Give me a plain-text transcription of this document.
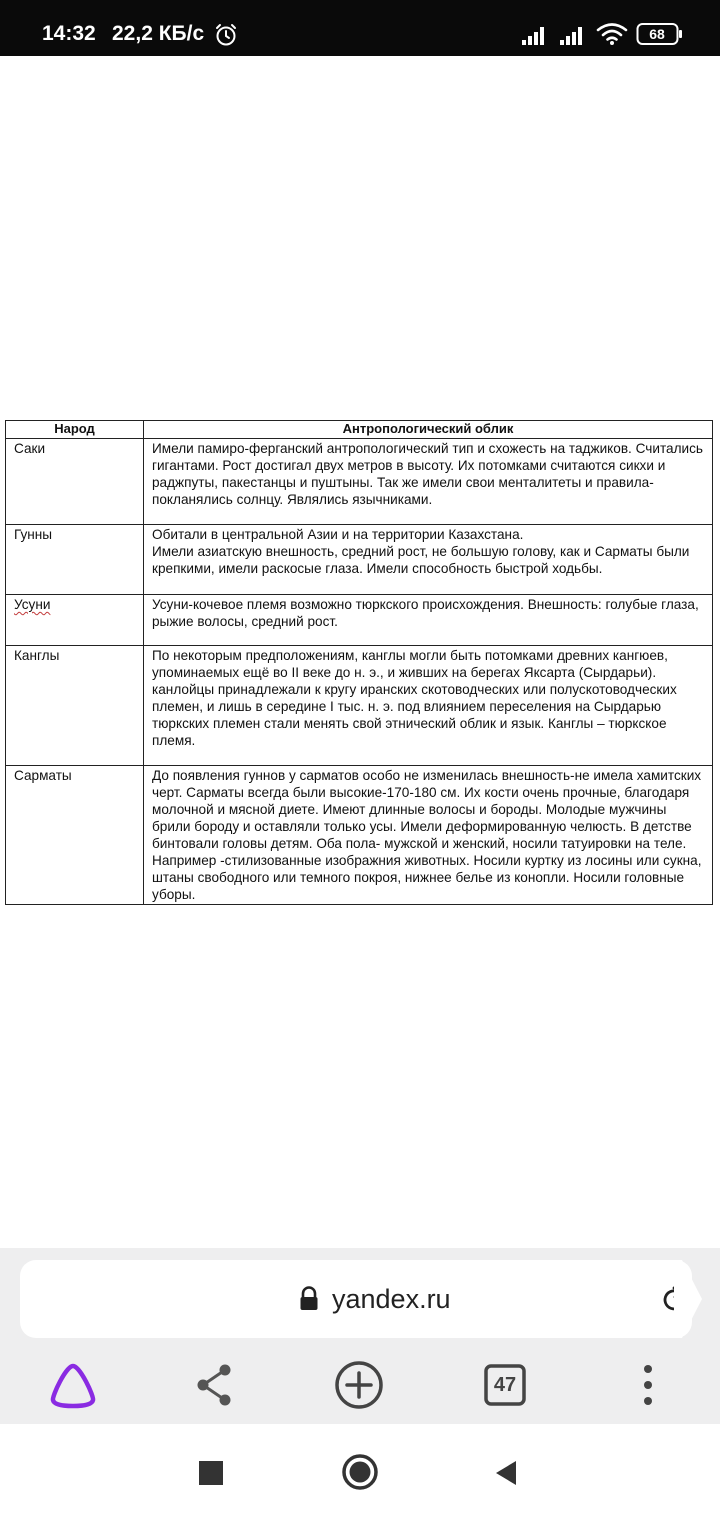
14:32 22,2 КБ/с	68
Народ	Антропологический облик
Саки	Имели памиро-ферганский антропологический тип и схожесть на таджиков. Считались гигантами. Рост достигал двух метров в высоту. Их потомками считаются сикхи и раджпуты, пакестанцы и пуштыны. Так же имели свои менталитеты и правила-покланялись солнцу. Являлись язычниками.
Гунны	Обитали в центральной Азии и на территории Казахстана.
Имели азиатскую внешность, средний рост, не большую голову, как и Сарматы были крепкими, имели раскосые глаза. Имели способность быстрой ходьбы.

Усуни	Усуни-кочевое племя возможно тюркского происхождения. Внешность: голубые глаза, рыжие волосы, средний рост.
Канглы	По некоторым предположениям, канглы могли быть потомками древних кангюев, упоминаемых ещё во II веке до н. э., и живших на берегах Яксарта (Сырдарьи). канлойцы принадлежали к кругу иранских скотоводческих или полускотоводческих племен, и лишь в середине I тыс. н. э. под влиянием переселения на Сырдарью тюркских племен стали менять свой этнический облик и язык. Канглы – тюркское племя.
Сарматы	До появления гуннов у сарматов особо не изменилась внешность-не имела хамитских черт. Сарматы всегда были высокие-170-180 см. Их кости очень прочные, благодаря молочной и мясной диете. Имеют длинные волосы и бороды. Молодые мужчины брили бороду и оставляли только усы. Имели деформированную челюсть. В детстве бинтовали головы детям. Оба пола- мужской и женский, носили татуировки на теле. Например -стилизованные изображния животных. Носили куртку из лосины или сукна, штаны свободного или темного покроя, нижнее белье из конопли. Носили головные уборы.
yandex.ru
47
